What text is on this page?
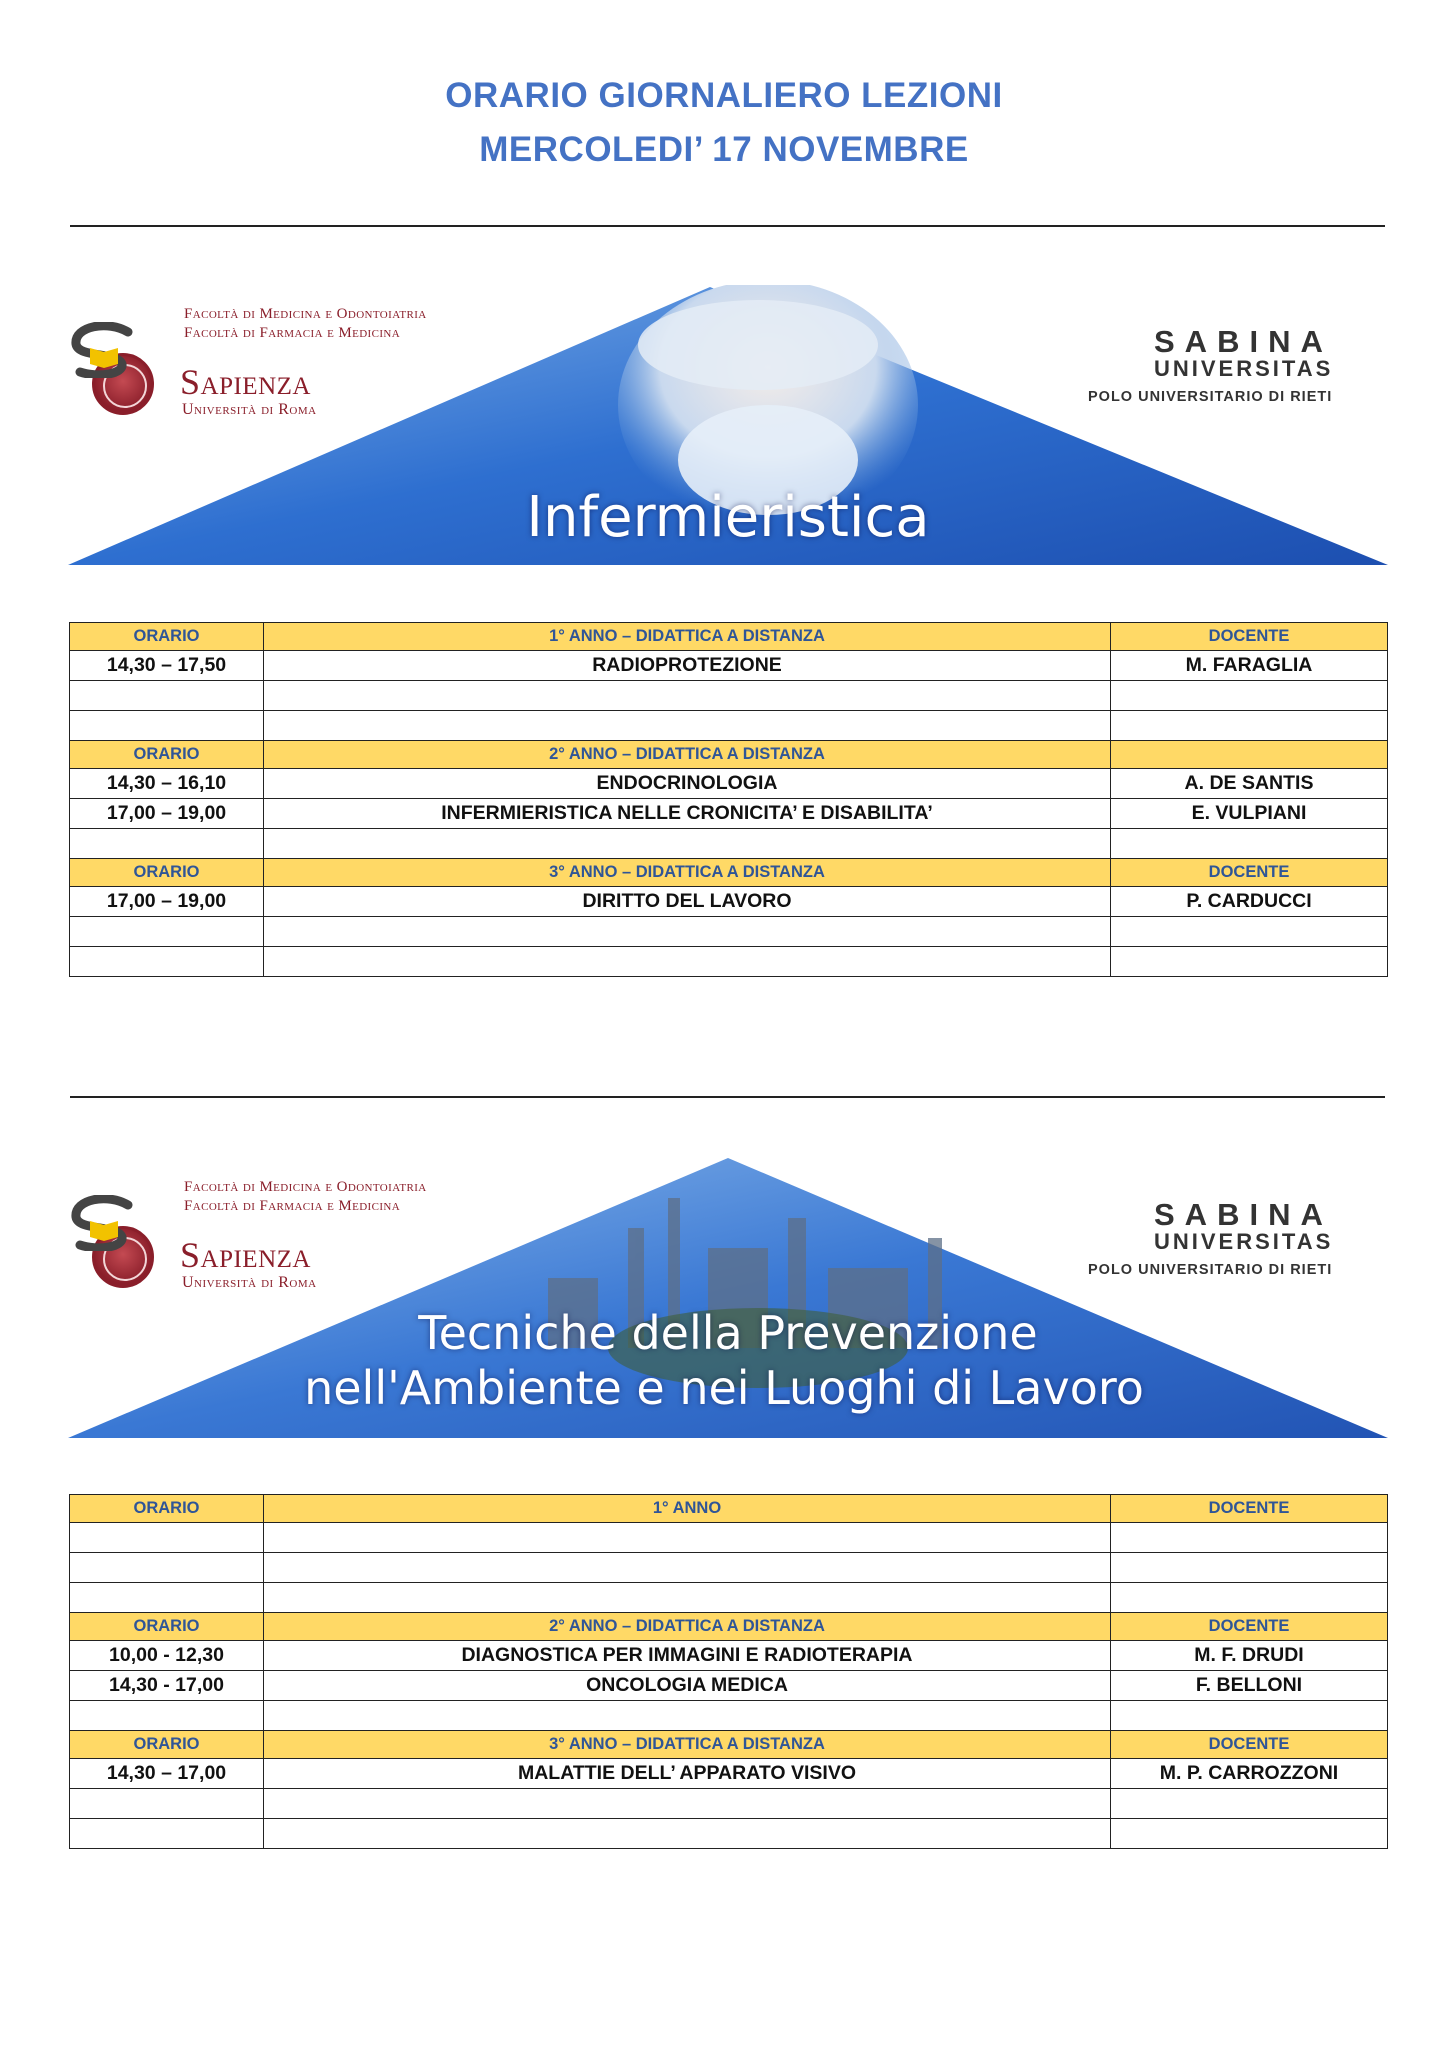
ORARIO GIORNALIERO LEZIONI
MERCOLEDI’ 17 NOVEMBRE
Facoltà di Medicina e Odontoiatria
Facoltà di Farmacia e Medicina
Sapienza
Università di Roma
SABINA
UNIVERSITAS
POLO UNIVERSITARIO DI RIETI
Infermieristica
ORARIO	1° ANNO – DIDATTICA A DISTANZA	DOCENTE
14,30 – 17,50	RADIOPROTEZIONE	M. FARAGLIA

ORARIO	2° ANNO – DIDATTICA A DISTANZA	
14,30 – 16,10	ENDOCRINOLOGIA	A. DE SANTIS
17,00 – 19,00	INFERMIERISTICA NELLE CRONICITA’ E DISABILITA’	E. VULPIANI

ORARIO	3° ANNO – DIDATTICA A DISTANZA	DOCENTE
17,00 – 19,00	DIRITTO DEL LAVORO	P. CARDUCCI

Facoltà di Medicina e Odontoiatria
Facoltà di Farmacia e Medicina
Sapienza
Università di Roma
SABINA
UNIVERSITAS
POLO UNIVERSITARIO DI RIETI
Tecniche della Prevenzione
nell'Ambiente e nei Luoghi di Lavoro
ORARIO	1° ANNO	DOCENTE

ORARIO	2° ANNO – DIDATTICA A DISTANZA	DOCENTE
10,00 - 12,30	DIAGNOSTICA PER IMMAGINI E RADIOTERAPIA	M. F. DRUDI
14,30 - 17,00	ONCOLOGIA MEDICA	F. BELLONI

ORARIO	3° ANNO – DIDATTICA A DISTANZA	DOCENTE
14,30 – 17,00	MALATTIE DELL’ APPARATO VISIVO	M. P. CARROZZONI
